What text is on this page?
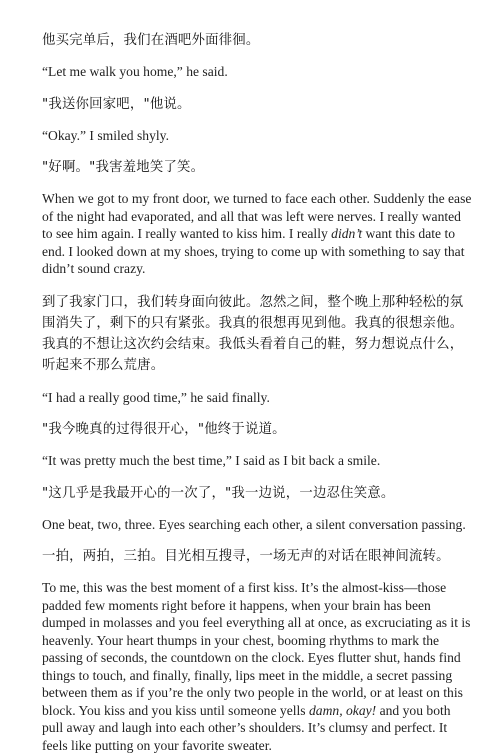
他买完单后，我们在酒吧外面徘徊。

“Let me walk you home,” he said.

"我送你回家吧，"他说。

“Okay.” I smiled shyly.

"好啊。"我害羞地笑了笑。

When we got to my front door, we turned to face each other. Suddenly the ease of the night had evaporated, and all that was left were nerves. I really wanted to see him again. I really wanted to kiss him. I really didn’t want this date to end. I looked down at my shoes, trying to come up with something to say that didn’t sound crazy.

到了我家门口，我们转身面向彼此。忽然之间，整个晚上那种轻松的氛围消失了，剩下的只有紧张。我真的很想再见到他。我真的很想亲他。我真的不想让这次约会结束。我低头看着自己的鞋，努力想说点什么，听起来不那么荒唐。

“I had a really good time,” he said finally.

"我今晚真的过得很开心，"他终于说道。

“It was pretty much the best time,” I said as I bit back a smile.

"这几乎是我最开心的一次了，"我一边说，一边忍住笑意。

One beat, two, three. Eyes searching each other, a silent conversation passing.

一拍，两拍，三拍。目光相互搜寻，一场无声的对话在眼神间流转。

To me, this was the best moment of a first kiss. It’s the almost-kiss—those padded few moments right before it happens, when your brain has been dumped in molasses and you feel everything all at once, as excruciating as it is heavenly. Your heart thumps in your chest, booming rhythms to mark the passing of seconds, the countdown on the clock. Eyes flutter shut, hands find things to touch, and finally, finally, lips meet in the middle, a secret passing between them as if you’re the only two people in the world, or at least on this block. You kiss and you kiss until someone yells damn, okay! and you both pull away and laugh into each other’s shoulders. It’s clumsy and perfect. It feels like putting on your favorite sweater.
